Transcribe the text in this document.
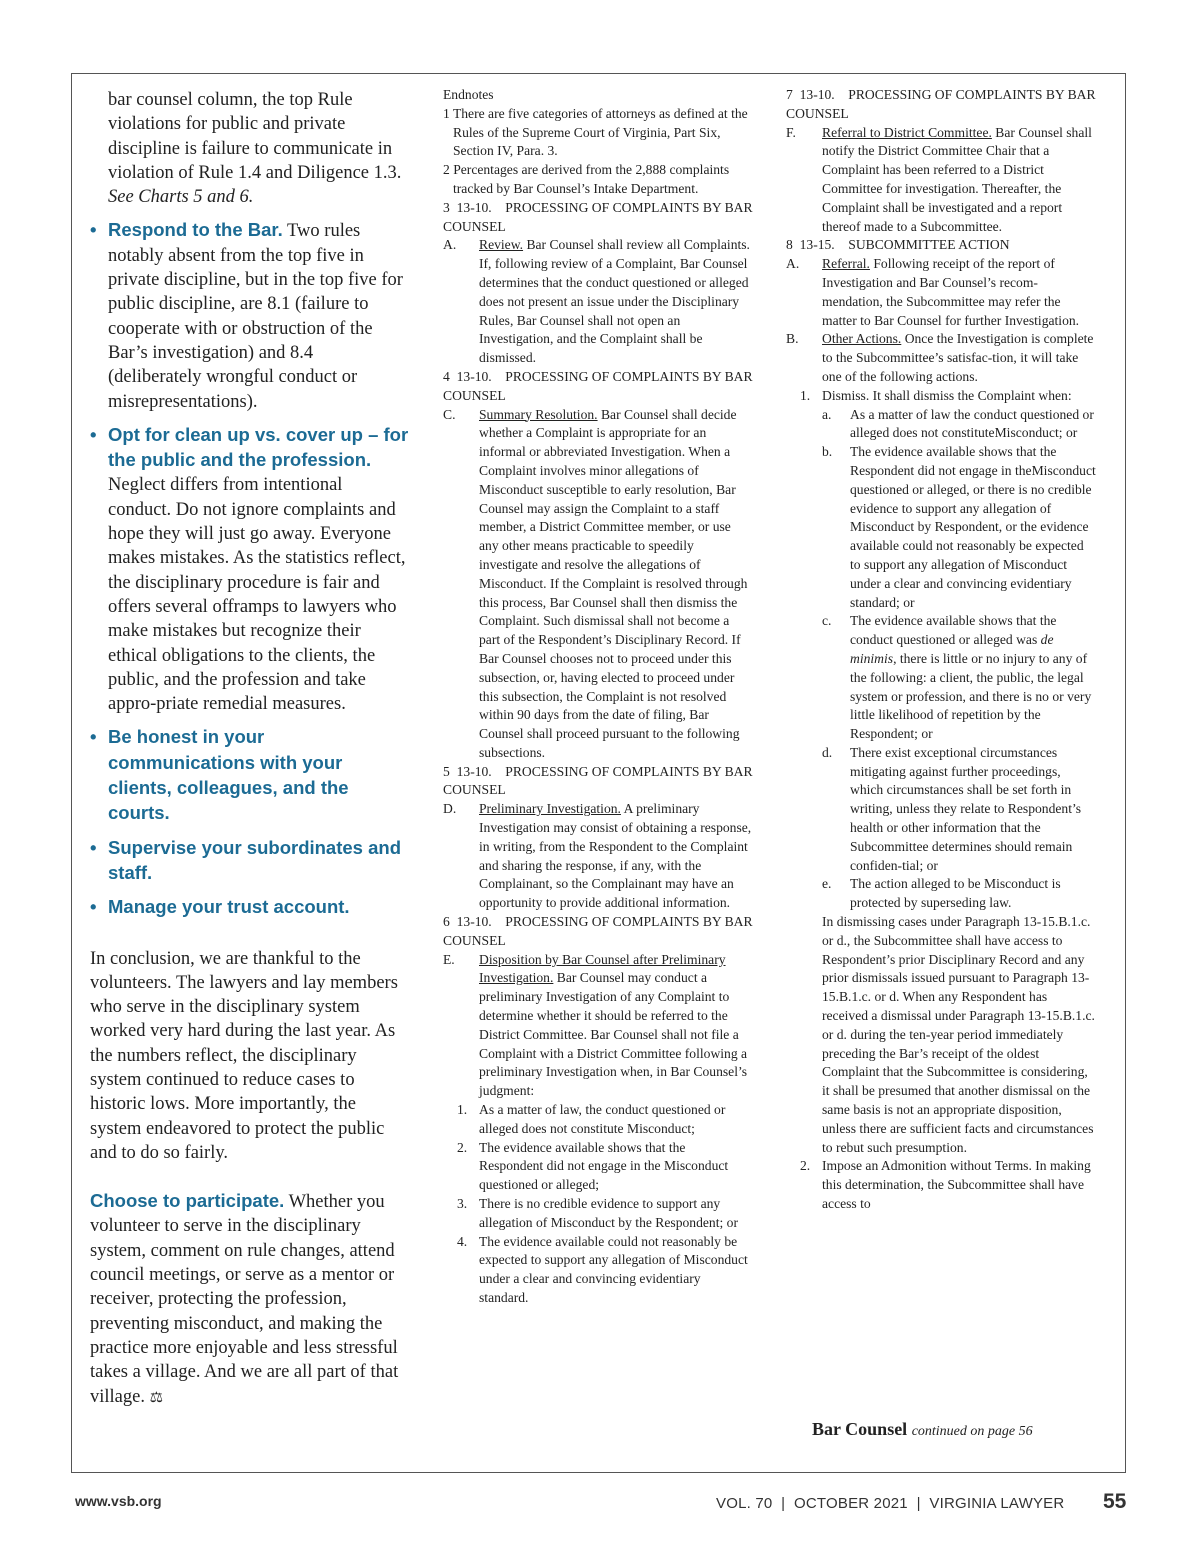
bar counsel column, the top Rule violations for public and private discipline is failure to communicate in violation of Rule 1.4 and Diligence 1.3. See Charts 5 and 6.

• Respond to the Bar. Two rules notably absent from the top five in private discipline, but in the top five for public discipline, are 8.1 (failure to cooperate with or obstruction of the Bar’s investigation) and 8.4 (deliberately wrongful conduct or misrepresentations).
• Opt for clean up vs. cover up – for the public and the profession. Neglect differs from intentional conduct. Do not ignore complaints and hope they will just go away. Everyone makes mistakes. As the statistics reflect, the disciplinary procedure is fair and offers several offramps to lawyers who make mistakes but recognize their ethical obligations to the clients, the public, and the profession and take appro-priate remedial measures.
• Be honest in your communications with your clients, colleagues, and the courts.
• Supervise your subordinates and staff.
• Manage your trust account.

In conclusion, we are thankful to the volunteers. The lawyers and lay members who serve in the disciplinary system worked very hard during the last year. As the numbers reflect, the disciplinary system continued to reduce cases to historic lows. More importantly, the system endeavored to protect the public and to do so fairly.

Choose to participate. Whether you volunteer to serve in the disciplinary system, comment on rule changes, attend council meetings, or serve as a mentor or receiver, protecting the profession, preventing misconduct, and making the practice more enjoyable and less stressful takes a village. And we are all part of that village. ⚖

Endnotes
1 There are five categories of attorneys as defined at the Rules of the Supreme Court of Virginia, Part Six, Section IV, Para. 3.
2 Percentages are derived from the 2,888 complaints tracked by Bar Counsel’s Intake Department.
3  13-10.    PROCESSING OF COMPLAINTS BY BAR COUNSEL
A.	Review. Bar Counsel shall review all Complaints. If, following review of a Complaint, Bar Counsel determines that the conduct questioned or alleged does not present an issue under the Disciplinary Rules, Bar Counsel shall not open an Investigation, and the Complaint shall be dismissed.
4  13-10.    PROCESSING OF COMPLAINTS BY BAR COUNSEL
C.	Summary Resolution. Bar Counsel shall decide whether a Complaint is appropriate for an informal or abbreviated Investigation. When a Complaint involves minor allegations of Misconduct susceptible to early resolution, Bar Counsel may assign the Complaint to a staff member, a District Committee member, or use any other means practicable to speedily investigate and resolve the allegations of Misconduct. If the Complaint is resolved through this process, Bar Counsel shall then dismiss the Complaint. Such dismissal shall not become a part of the Respondent’s Disciplinary Record. If Bar Counsel chooses not to proceed under this subsection, or, having elected to proceed under this subsection, the Complaint is not resolved within 90 days from the date of filing, Bar Counsel shall proceed pursuant to the following subsections.
5  13-10.    PROCESSING OF COMPLAINTS BY BAR COUNSEL
D.	Preliminary Investigation. A preliminary Investigation may consist of obtaining a response, in writing, from the Respondent to the Complaint and sharing the response, if any, with the Complainant, so the Complainant may have an opportunity to provide additional information.
6  13-10.    PROCESSING OF COMPLAINTS BY BAR COUNSEL
E.	Disposition by Bar Counsel after Preliminary Investigation. Bar Counsel may conduct a preliminary Investigation of any Complaint to determine whether it should be referred to the District Committee. Bar Counsel shall not file a Complaint with a District Committee following a preliminary Investigation when, in Bar Counsel’s judgment:
1. As a matter of law, the conduct questioned or alleged does not constitute Misconduct;
2. The evidence available shows that the Respondent did not engage in the Misconduct questioned or alleged;
3. There is no credible evidence to support any allegation of Misconduct by the Respondent; or
4. The evidence available could not reasonably be expected to support any allegation of Misconduct under a clear and convincing evidentiary standard.
7  13-10.    PROCESSING OF COMPLAINTS BY BAR COUNSEL
F.	Referral to District Committee. Bar Counsel shall notify the District Committee Chair that a Complaint has been referred to a District Committee for investigation. Thereafter, the Complaint shall be investigated and a report thereof made to a Subcommittee.
8  13-15.    SUBCOMMITTEE ACTION
A.	Referral. Following receipt of the report of Investigation and Bar Counsel’s recom-mendation, the Subcommittee may refer the matter to Bar Counsel for further Investigation.
B.	Other Actions. Once the Investigation is complete to the Subcommittee’s satisfac-tion, it will take one of the following actions.
1. Dismiss. It shall dismiss the Complaint when:
a.	As a matter of law the conduct questioned or alleged does not constituteMisconduct; or
b.	The evidence available shows that the Respondent did not engage in theMisconduct questioned or alleged, or there is no credible evidence to support any allegation of Misconduct by Respondent, or the evidence available could not reasonably be expected to support any allegation of Misconduct under a clear and convincing evidentiary standard; or
c.	The evidence available shows that the conduct questioned or alleged was de minimis, there is little or no injury to any of the following: a client, the public, the legal system or profession, and there is no or very little likelihood of repetition by the Respondent; or
d.	There exist exceptional circumstances mitigating against further proceedings, which circumstances shall be set forth in writing, unless they relate to Respondent’s health or other information that the Subcommittee determines should remain confiden-tial; or
e.	The action alleged to be Misconduct is protected by superseding law.
In dismissing cases under Paragraph 13-15.B.1.c. or d., the Subcommittee shall have access to Respondent’s prior Disciplinary Record and any prior dismissals issued pursuant to Paragraph 13-15.B.1.c. or d. When any Respondent has received a dismissal under Paragraph 13-15.B.1.c. or d. during the ten-year period immediately preceding the Bar’s receipt of the oldest Complaint that the Subcommittee is considering, it shall be presumed that another dismissal on the same basis is not an appropriate disposition, unless there are sufficient facts and circumstances to rebut such presumption.
2. Impose an Admonition without Terms. In making this determination, the Subcommittee shall have access to
Bar Counsel continued on page 56
www.vsb.org	VOL. 70  |  OCTOBER 2021  |  VIRGINIA LAWYER 55
